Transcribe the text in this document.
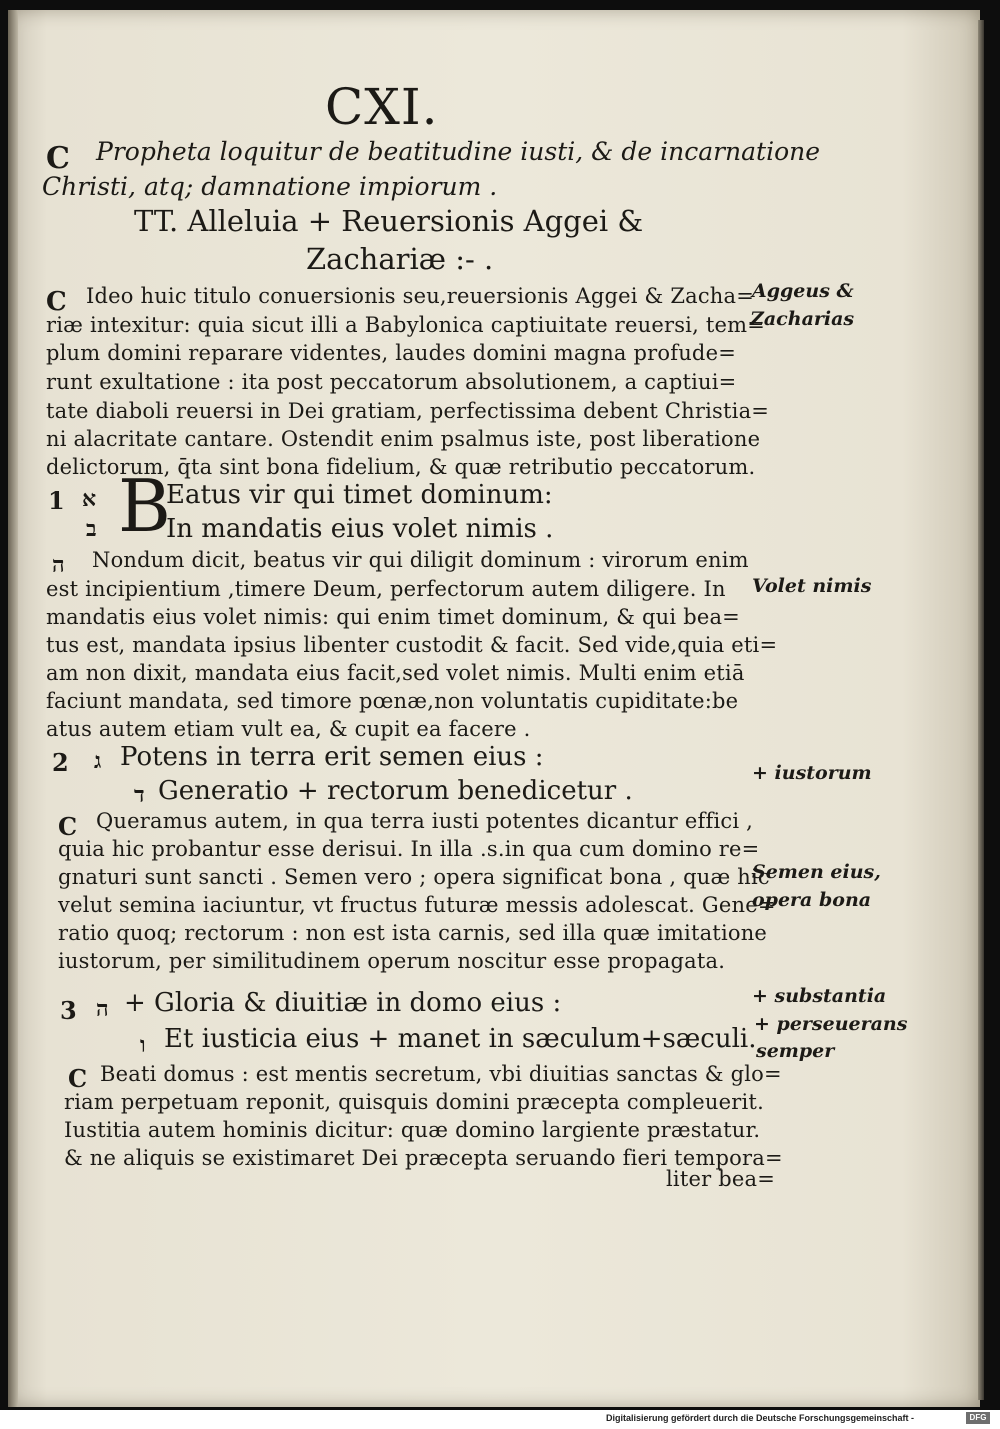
CXI.
C Propheta loquitur de beatitudine iusti, & de incarnatione
Christi, atq; damnatione impiorum .
TT. Alleluia + Reuersionis Aggei &
Zachariæ :- .
C Ideo huic titulo conuersionis seu,reuersionis Aggei & Zacha=
riæ intexitur: quia sicut illi a Babylonica captiuitate reuersi, tem=
plum domini reparare videntes, laudes domini magna profude=
runt exultatione : ita post peccatorum absolutionem, a captiui=
tate diaboli reuersi in Dei gratiam, perfectissima debent Christia=
ni alacritate cantare. Ostendit enim psalmus iste, post liberatione
delictorum, q̄ta sint bona fidelium, & quæ retributio peccatorum.
1 א
ב B
Eatus vir qui timet dominum:
In mandatis eius volet nimis .
ה Nondum dicit, beatus vir qui diligit dominum : virorum enim
est incipientium ,timere Deum, perfectorum autem diligere. In
mandatis eius volet nimis: qui enim timet dominum, & qui bea=
tus est, mandata ipsius libenter custodit & facit. Sed vide,quia eti=
am non dixit, mandata eius facit,sed volet nimis. Multi enim etiā
faciunt mandata, sed timore pœnæ,non voluntatis cupiditate:be
atus autem etiam vult ea, & cupit ea facere .
2 ג Potens in terra erit semen eius :
ד Generatio + rectorum benedicetur .
C Queramus autem, in qua terra iusti potentes dicantur effici ,
quia hic probantur esse derisui. In illa .s.in qua cum domino re=
gnaturi sunt sancti . Semen vero ; opera significat bona , quæ hic
velut semina iaciuntur, vt fructus futuræ messis adolescat. Gene=
ratio quoq; rectorum : non est ista carnis, sed illa quæ imitatione
iustorum, per similitudinem operum noscitur esse propagata.
3 ה + Gloria & diuitiæ in domo eius :
ו Et iusticia eius + manet in sæculum+sæculi.
C Beati domus : est mentis secretum, vbi diuitias sanctas & glo=
riam perpetuam reponit, quisquis domini præcepta compleuerit.
Iustitia autem hominis dicitur: quæ domino largiente præstatur.
& ne aliquis se existimaret Dei præcepta seruando fieri tempora=
liter bea=
Aggeus &
Zacharias
Volet nimis
+ iustorum
Semen eius,
opera bona
+ substantia
+ perseuerans
semper
Digitalisierung gefördert durch die Deutsche Forschungsgemeinschaft -	DFG
